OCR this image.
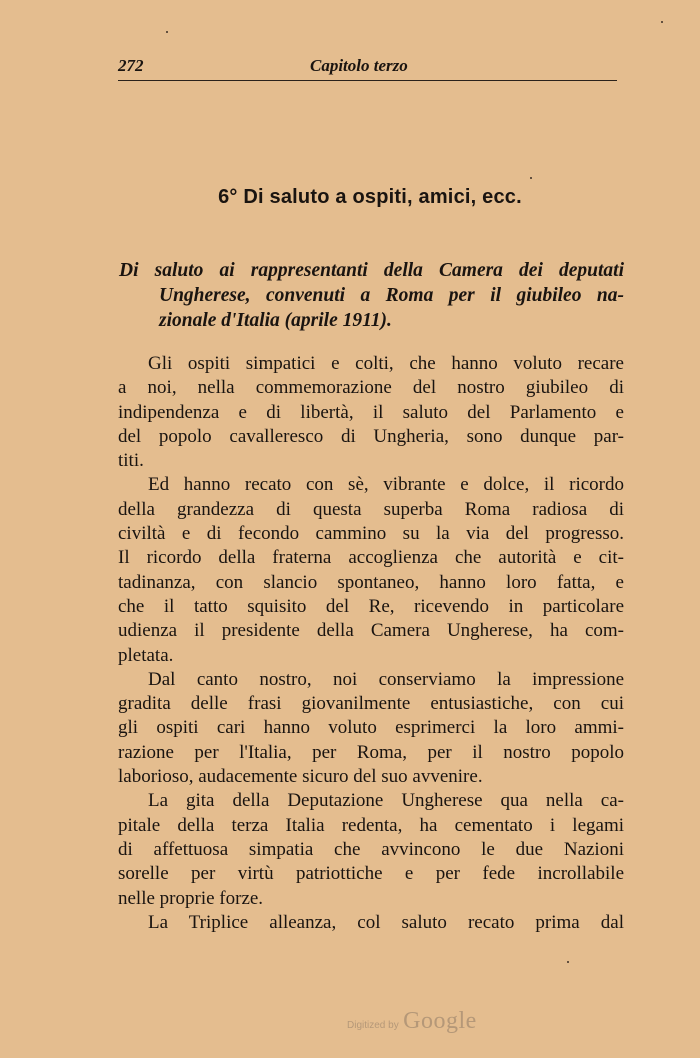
272	Capitolo terzo
6° Di saluto a ospiti, amici, ecc.
Di saluto ai rappresentanti della Camera dei deputati
Ungherese, convenuti a Roma per il giubileo na-
zionale d'Italia (aprile 1911).
Gli ospiti simpatici e colti, che hanno voluto recare
a noi, nella commemorazione del nostro giubileo di
indipendenza e di libertà, il saluto del Parlamento e
del popolo cavalleresco di Ungheria, sono dunque par-
titi.
Ed hanno recato con sè, vibrante e dolce, il ricordo
della grandezza di questa superba Roma radiosa di
civiltà e di fecondo cammino su la via del progresso.
Il ricordo della fraterna accoglienza che autorità e cit-
tadinanza, con slancio spontaneo, hanno loro fatta, e
che il tatto squisito del Re, ricevendo in particolare
udienza il presidente della Camera Ungherese, ha com-
pletata.
Dal canto nostro, noi conserviamo la impressione
gradita delle frasi giovanilmente entusiastiche, con cui
gli ospiti cari hanno voluto esprimerci la loro ammi-
razione per l'Italia, per Roma, per il nostro popolo
laborioso, audacemente sicuro del suo avvenire.
La gita della Deputazione Ungherese qua nella ca-
pitale della terza Italia redenta, ha cementato i legami
di affettuosa simpatia che avvincono le due Nazioni
sorelle per virtù patriottiche e per fede incrollabile
nelle proprie forze.
La Triplice alleanza, col saluto recato prima dal
Digitized by Google
